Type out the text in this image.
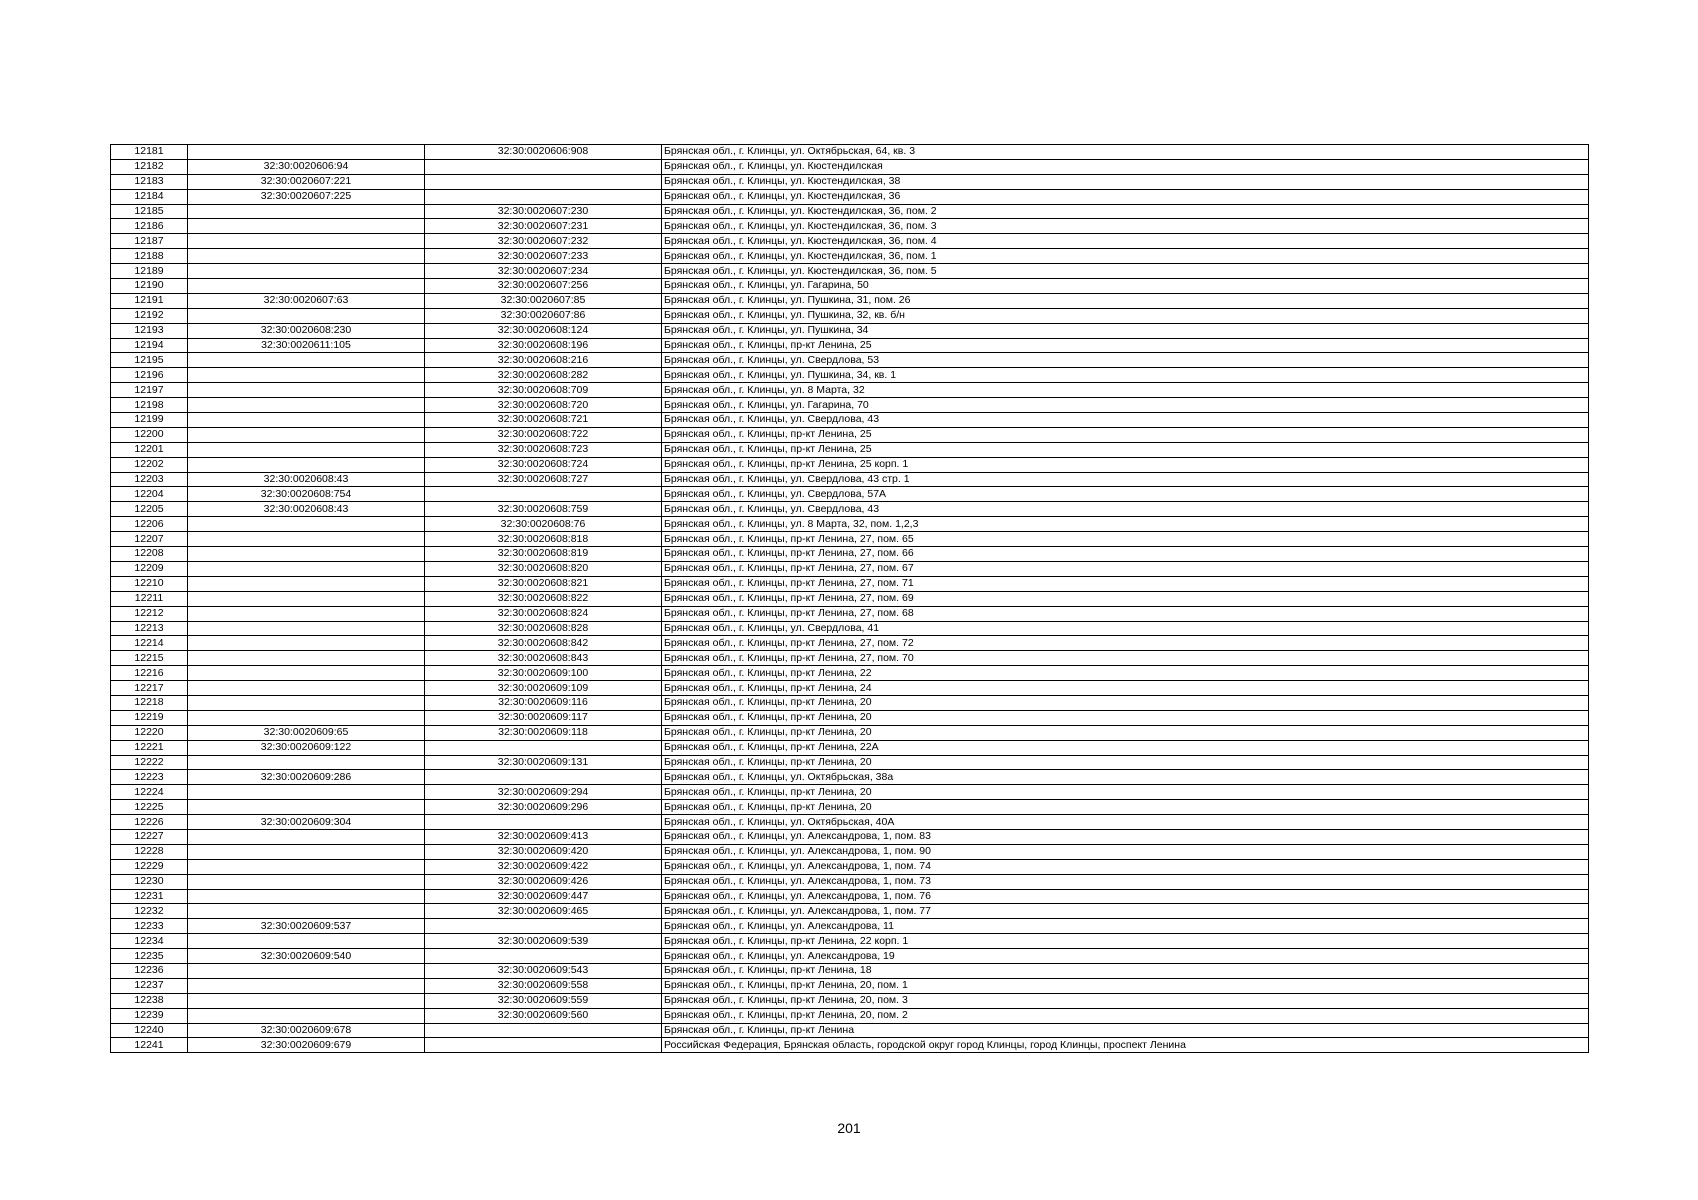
12181		32:30:0020606:908	Брянская обл., г. Клинцы, ул. Октябрьская, 64, кв. 3
12182	32:30:0020606:94		Брянская обл., г. Клинцы, ул. Кюстендилская
12183	32:30:0020607:221		Брянская обл., г. Клинцы, ул. Кюстендилская, 38
12184	32:30:0020607:225		Брянская обл., г. Клинцы, ул. Кюстендилская, 36
12185		32:30:0020607:230	Брянская обл., г. Клинцы, ул. Кюстендилская, 36, пом. 2
12186		32:30:0020607:231	Брянская обл., г. Клинцы, ул. Кюстендилская, 36, пом. 3
12187		32:30:0020607:232	Брянская обл., г. Клинцы, ул. Кюстендилская, 36, пом. 4
12188		32:30:0020607:233	Брянская обл., г. Клинцы, ул. Кюстендилская, 36, пом. 1
12189		32:30:0020607:234	Брянская обл., г. Клинцы, ул. Кюстендилская, 36, пом. 5
12190		32:30:0020607:256	Брянская обл., г. Клинцы, ул. Гагарина, 50
12191	32:30:0020607:63	32:30:0020607:85	Брянская обл., г. Клинцы, ул. Пушкина, 31, пом. 26
12192		32:30:0020607:86	Брянская обл., г. Клинцы, ул. Пушкина, 32, кв. б/н
12193	32:30:0020608:230	32:30:0020608:124	Брянская обл., г. Клинцы, ул. Пушкина, 34
12194	32:30:0020611:105	32:30:0020608:196	Брянская обл., г. Клинцы, пр-кт Ленина, 25
12195		32:30:0020608:216	Брянская обл., г. Клинцы, ул. Свердлова, 53
12196		32:30:0020608:282	Брянская обл., г. Клинцы, ул. Пушкина, 34, кв. 1
12197		32:30:0020608:709	Брянская обл., г. Клинцы, ул. 8 Марта, 32
12198		32:30:0020608:720	Брянская обл., г. Клинцы, ул. Гагарина, 70
12199		32:30:0020608:721	Брянская обл., г. Клинцы, ул. Свердлова, 43
12200		32:30:0020608:722	Брянская обл., г. Клинцы, пр-кт Ленина, 25
12201		32:30:0020608:723	Брянская обл., г. Клинцы, пр-кт Ленина, 25
12202		32:30:0020608:724	Брянская обл., г. Клинцы, пр-кт Ленина, 25 корп. 1
12203	32:30:0020608:43	32:30:0020608:727	Брянская обл., г. Клинцы, ул. Свердлова, 43 стр. 1
12204	32:30:0020608:754		Брянская обл., г. Клинцы, ул. Свердлова, 57А
12205	32:30:0020608:43	32:30:0020608:759	Брянская обл., г. Клинцы, ул. Свердлова, 43
12206		32:30:0020608:76	Брянская обл., г. Клинцы, ул. 8 Марта, 32, пом. 1,2,3
12207		32:30:0020608:818	Брянская обл., г. Клинцы, пр-кт Ленина, 27, пом. 65
12208		32:30:0020608:819	Брянская обл., г. Клинцы, пр-кт Ленина, 27, пом. 66
12209		32:30:0020608:820	Брянская обл., г. Клинцы, пр-кт Ленина, 27, пом. 67
12210		32:30:0020608:821	Брянская обл., г. Клинцы, пр-кт Ленина, 27, пом. 71
12211		32:30:0020608:822	Брянская обл., г. Клинцы, пр-кт Ленина, 27, пом. 69
12212		32:30:0020608:824	Брянская обл., г. Клинцы, пр-кт Ленина, 27, пом. 68
12213		32:30:0020608:828	Брянская обл., г. Клинцы, ул. Свердлова, 41
12214		32:30:0020608:842	Брянская обл., г. Клинцы, пр-кт Ленина, 27, пом. 72
12215		32:30:0020608:843	Брянская обл., г. Клинцы, пр-кт Ленина, 27, пом. 70
12216		32:30:0020609:100	Брянская обл., г. Клинцы, пр-кт Ленина, 22
12217		32:30:0020609:109	Брянская обл., г. Клинцы, пр-кт Ленина, 24
12218		32:30:0020609:116	Брянская обл., г. Клинцы, пр-кт Ленина, 20
12219		32:30:0020609:117	Брянская обл., г. Клинцы, пр-кт Ленина, 20
12220	32:30:0020609:65	32:30:0020609:118	Брянская обл., г. Клинцы, пр-кт Ленина, 20
12221	32:30:0020609:122		Брянская обл., г. Клинцы, пр-кт Ленина, 22А
12222		32:30:0020609:131	Брянская обл., г. Клинцы, пр-кт Ленина, 20
12223	32:30:0020609:286		Брянская обл., г. Клинцы, ул. Октябрьская, 38а
12224		32:30:0020609:294	Брянская обл., г. Клинцы, пр-кт Ленина, 20
12225		32:30:0020609:296	Брянская обл., г. Клинцы, пр-кт Ленина, 20
12226	32:30:0020609:304		Брянская обл., г. Клинцы, ул. Октябрьская, 40А
12227		32:30:0020609:413	Брянская обл., г. Клинцы, ул. Александрова, 1, пом. 83
12228		32:30:0020609:420	Брянская обл., г. Клинцы, ул. Александрова, 1, пом. 90
12229		32:30:0020609:422	Брянская обл., г. Клинцы, ул. Александрова, 1, пом. 74
12230		32:30:0020609:426	Брянская обл., г. Клинцы, ул. Александрова, 1, пом. 73
12231		32:30:0020609:447	Брянская обл., г. Клинцы, ул. Александрова, 1, пом. 76
12232		32:30:0020609:465	Брянская обл., г. Клинцы, ул. Александрова, 1, пом. 77
12233	32:30:0020609:537		Брянская обл., г. Клинцы, ул. Александрова, 11
12234		32:30:0020609:539	Брянская обл., г. Клинцы, пр-кт Ленина, 22 корп. 1
12235	32:30:0020609:540		Брянская обл., г. Клинцы, ул. Александрова, 19
12236		32:30:0020609:543	Брянская обл., г. Клинцы, пр-кт Ленина, 18
12237		32:30:0020609:558	Брянская обл., г. Клинцы, пр-кт Ленина, 20, пом. 1
12238		32:30:0020609:559	Брянская обл., г. Клинцы, пр-кт Ленина, 20, пом. 3
12239		32:30:0020609:560	Брянская обл., г. Клинцы, пр-кт Ленина, 20, пом. 2
12240	32:30:0020609:678		Брянская обл., г. Клинцы, пр-кт Ленина
12241	32:30:0020609:679		Российская Федерация, Брянская область, городской округ город Клинцы, город Клинцы, проспект Ленина
201
